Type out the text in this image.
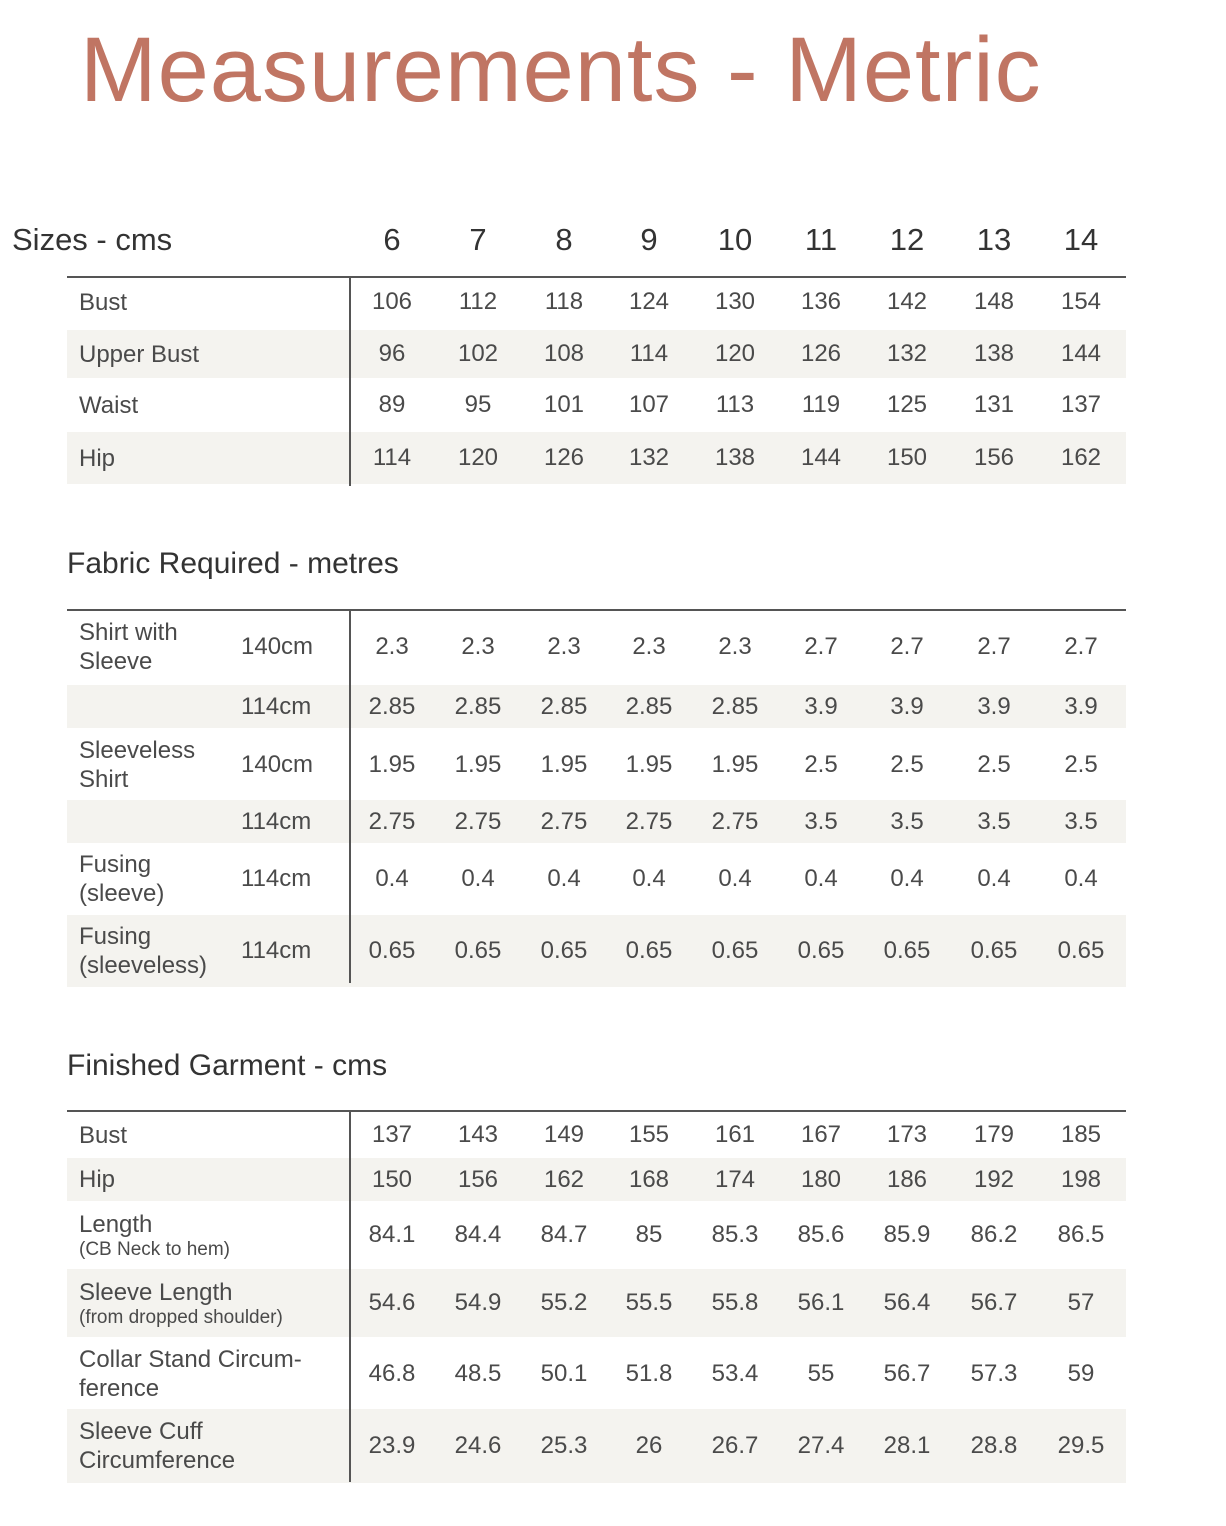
Measurements - Metric
Sizes - cms	6	7	8	9	10	11	12	13	14
Bust	106	112	118	124	130	136	142	148	154
Upper Bust	96	102	108	114	120	126	132	138	144
Waist	89	95	101	107	113	119	125	131	137
Hip	114	120	126	132	138	144	150	156	162
Fabric Required - metres
Shirt with
Sleeve
140cm	2.3	2.3	2.3	2.3	2.3	2.7	2.7	2.7	2.7
114cm	2.85	2.85	2.85	2.85	2.85	3.9	3.9	3.9	3.9
Sleeveless
Shirt
140cm	1.95	1.95	1.95	1.95	1.95	2.5	2.5	2.5	2.5
114cm	2.75	2.75	2.75	2.75	2.75	3.5	3.5	3.5	3.5
Fusing
(sleeve)
114cm	0.4	0.4	0.4	0.4	0.4	0.4	0.4	0.4	0.4
Fusing
(sleeveless)
114cm	0.65	0.65	0.65	0.65	0.65	0.65	0.65	0.65	0.65
Finished Garment - cms
Bust	137	143	149	155	161	167	173	179	185
Hip	150	156	162	168	174	180	186	192	198
Length
(CB Neck to hem)
84.1	84.4	84.7	85	85.3	85.6	85.9	86.2	86.5
Sleeve Length
(from dropped shoulder)
54.6	54.9	55.2	55.5	55.8	56.1	56.4	56.7	57
Collar Stand Circum-
ference
46.8	48.5	50.1	51.8	53.4	55	56.7	57.3	59
Sleeve Cuff
Circumference
23.9	24.6	25.3	26	26.7	27.4	28.1	28.8	29.5
